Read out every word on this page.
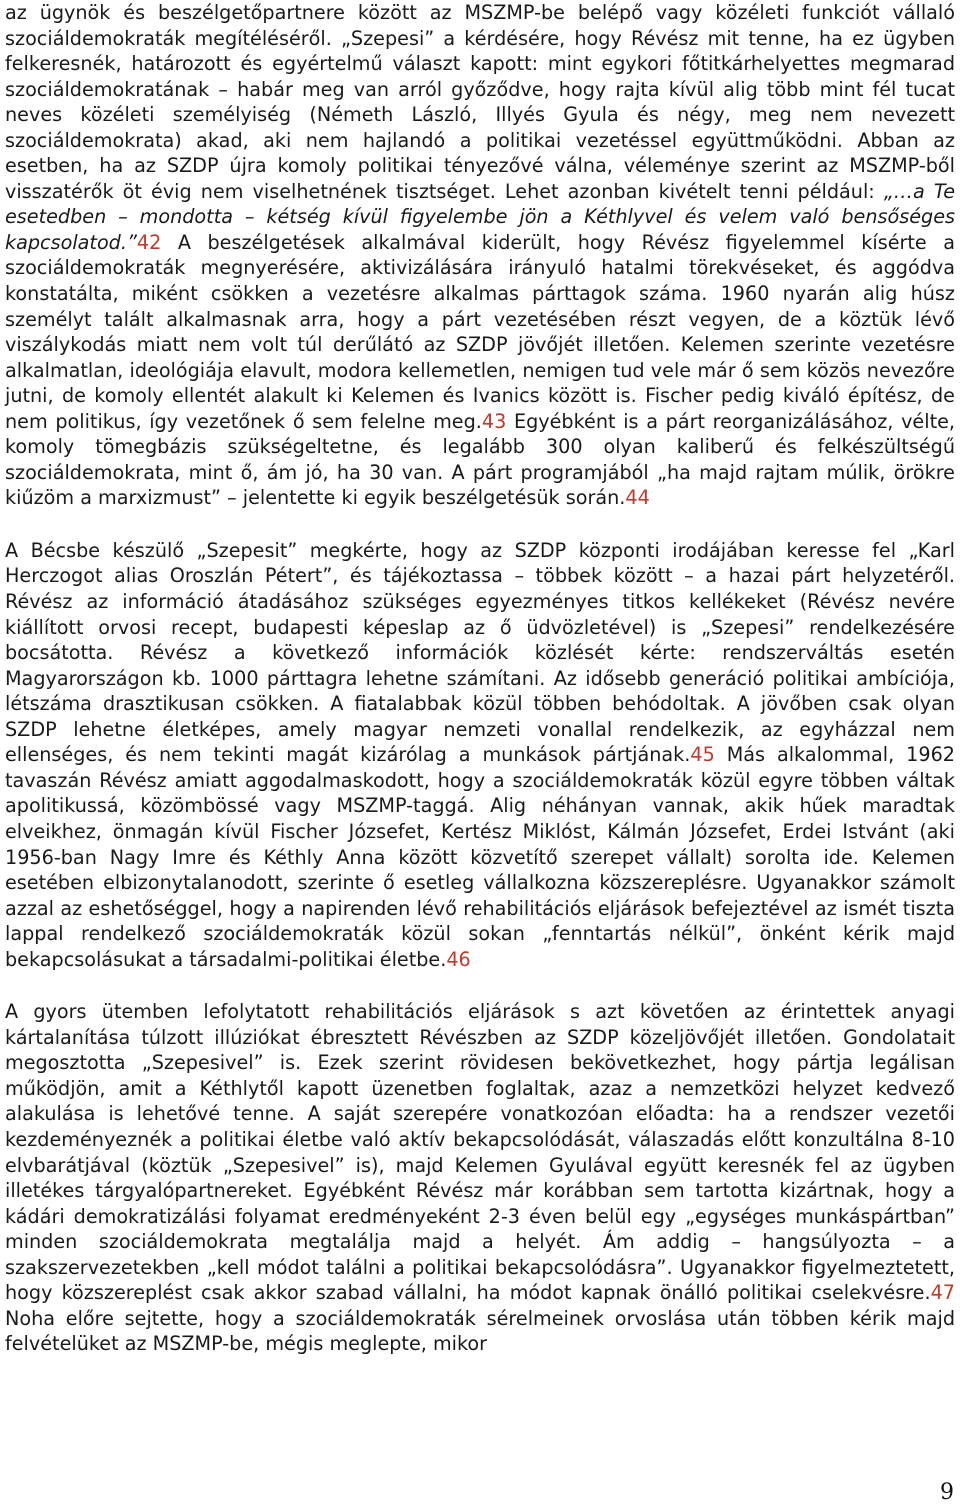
az ügynök és beszélgetőpartnere között az MSZMP-be belépő vagy közéleti funkciót vállaló szociáldemokraták megítéléséről. „Szepesi” a kérdésére, hogy Révész mit tenne, ha ez ügyben felkeresnék, határozott és egyértelmű választ kapott: mint egykori főtitkárhelyettes megmarad szociáldemokratának – habár meg van arról győződve, hogy rajta kívül alig több mint fél tucat neves közéleti személyiség (Németh László, Illyés Gyula és négy, meg nem nevezett szociáldemokrata) akad, aki nem hajlandó a politikai vezetéssel együttműködni. Abban az esetben, ha az SZDP újra komoly politikai tényezővé válna, véleménye szerint az MSZMP-ből visszatérők öt évig nem viselhetnének tisztséget. Lehet azonban kivételt tenni például: „…a Te esetedben – mondotta – kétség kívül figyelembe jön a Kéthlyvel és velem való bensőséges kapcsolatod.”42 A beszélgetések alkalmával kiderült, hogy Révész figyelemmel kísérte a szociáldemokraták megnyerésére, aktivizálására irányuló hatalmi törekvéseket, és aggódva konstatálta, miként csökken a vezetésre alkalmas párttagok száma. 1960 nyarán alig húsz személyt talált alkalmasnak arra, hogy a párt vezetésében részt vegyen, de a köztük lévő viszálykodás miatt nem volt túl derűlátó az SZDP jövőjét illetően. Kelemen szerinte vezetésre alkalmatlan, ideológiája elavult, modora kellemetlen, nemigen tud vele már ő sem közös nevezőre jutni, de komoly ellentét alakult ki Kelemen és Ivanics között is. Fischer pedig kiváló építész, de nem politikus, így vezetőnek ő sem felelne meg.43 Egyébként is a párt reorganizálásához, vélte, komoly tömegbázis szükségeltetne, és legalább 300 olyan kaliberű és felkészültségű szociáldemokrata, mint ő, ám jó, ha 30 van. A párt programjából „ha majd rajtam múlik, örökre kiűzöm a marxizmust” – jelentette ki egyik beszélgetésük során.44

A Bécsbe készülő „Szepesit” megkérte, hogy az SZDP központi irodájában keresse fel „Karl Herczogot alias Oroszlán Pétert”, és tájékoztassa – többek között – a hazai párt helyzetéről. Révész az információ átadásához szükséges egyezményes titkos kellékeket (Révész nevére kiállított orvosi recept, budapesti képeslap az ő üdvözletével) is „Szepesi” rendelkezésére bocsátotta. Révész a következő információk közlését kérte: rendszerváltás esetén Magyarországon kb. 1000 párttagra lehetne számítani. Az idősebb generáció politikai ambíciója, létszáma drasztikusan csökken. A fiatalabbak közül többen behódoltak. A jövőben csak olyan SZDP lehetne életképes, amely magyar nemzeti vonallal rendelkezik, az egyházzal nem ellenséges, és nem tekinti magát kizárólag a munkások pártjának.45 Más alkalommal, 1962 tavaszán Révész amiatt aggodalmaskodott, hogy a szociáldemokraták közül egyre többen váltak apolitikussá, közömbössé vagy MSZMP-taggá. Alig néhányan vannak, akik hűek maradtak elveikhez, önmagán kívül Fischer Józsefet, Kertész Miklóst, Kálmán Józsefet, Erdei Istvánt (aki 1956-ban Nagy Imre és Kéthly Anna között közvetítő szerepet vállalt) sorolta ide. Kelemen esetében elbizonytalanodott, szerinte ő esetleg vállalkozna közszereplésre. Ugyanakkor számolt azzal az eshetőséggel, hogy a napirenden lévő rehabilitációs eljárások befejeztével az ismét tiszta lappal rendelkező szociáldemokraták közül sokan „fenntartás nélkül”, önként kérik majd bekapcsolásukat a társadalmi-politikai életbe.46

A gyors ütemben lefolytatott rehabilitációs eljárások s azt követően az érintettek anyagi kártalanítása túlzott illúziókat ébresztett Révészben az SZDP közeljövőjét illetően. Gondolatait megosztotta „Szepesivel” is. Ezek szerint rövidesen bekövetkezhet, hogy pártja legálisan működjön, amit a Kéthlytől kapott üzenetben foglaltak, azaz a nemzetközi helyzet kedvező alakulása is lehetővé tenne. A saját szerepére vonatkozóan előadta: ha a rendszer vezetői kezdeményeznék a politikai életbe való aktív bekapcsolódását, válaszadás előtt konzultálna 8-10 elvbarátjával (köztük „Szepesivel” is), majd Kelemen Gyulával együtt keresnék fel az ügyben illetékes tárgyalópartnereket. Egyébként Révész már korábban sem tartotta kizártnak, hogy a kádári demokratizálási folyamat eredményeként 2-3 éven belül egy „egységes munkáspártban” minden szociáldemokrata megtalálja majd a helyét. Ám addig – hangsúlyozta – a szakszervezetekben „kell módot találni a politikai bekapcsolódásra”. Ugyanakkor figyelmeztetett, hogy közszereplést csak akkor szabad vállalni, ha módot kapnak önálló politikai cselekvésre.47 Noha előre sejtette, hogy a szociáldemokraták sérelmeinek orvoslása után többen kérik majd felvételüket az MSZMP-be, mégis meglepte, mikor

9
